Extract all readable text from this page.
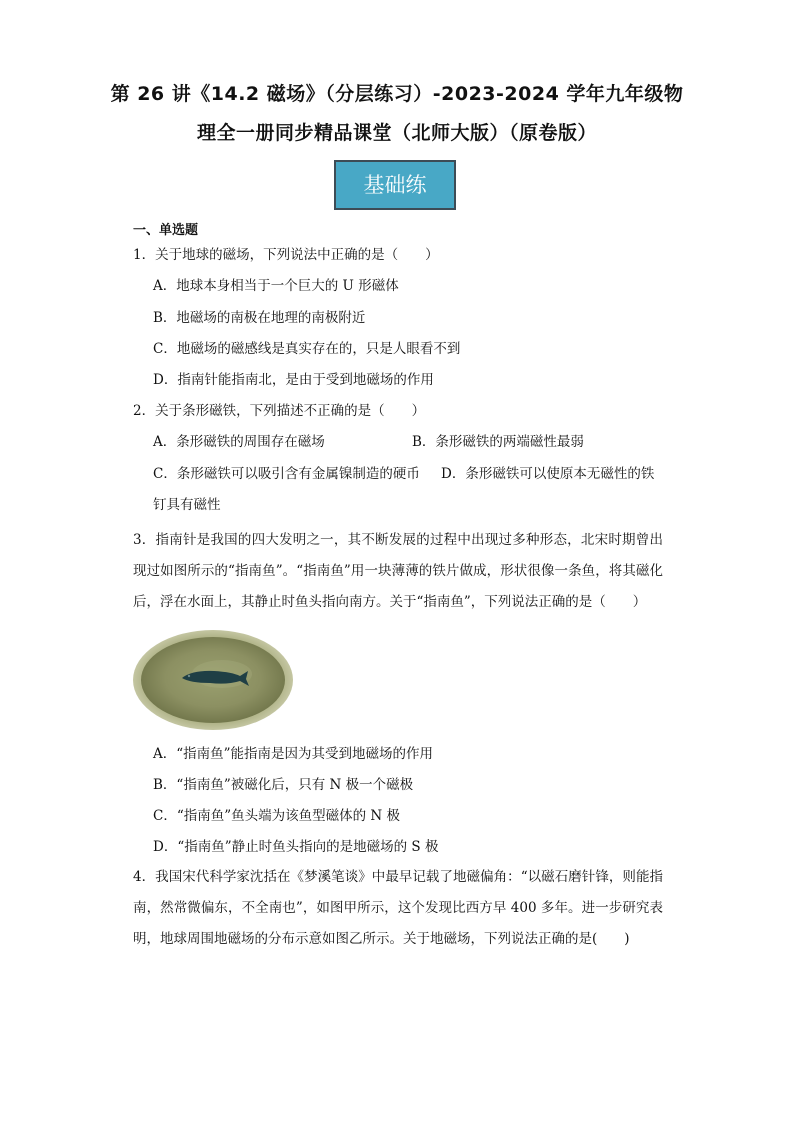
第 26 讲《14.2 磁场》（分层练习）-2023-2024 学年九年级物
理全一册同步精品课堂（北师大版）（原卷版）
基础练
一、单选题
1．关于地球的磁场，下列说法中正确的是（　　）
A．地球本身相当于一个巨大的 U 形磁体
B．地磁场的南极在地理的南极附近
C．地磁场的磁感线是真实存在的，只是人眼看不到
D．指南针能指南北，是由于受到地磁场的作用
2．关于条形磁铁，下列描述不正确的是（　　）
A．条形磁铁的周围存在磁场	B．条形磁铁的两端磁性最弱
C．条形磁铁可以吸引含有金属镍制造的硬币 D．条形磁铁可以使原本无磁性的铁
钉具有磁性
3．指南针是我国的四大发明之一，其不断发展的过程中出现过多种形态，北宋时期曾出现过如图所示的“指南鱼”。“指南鱼”用一块薄薄的铁片做成，形状很像一条鱼，将其磁化后，浮在水面上，其静止时鱼头指向南方。关于“指南鱼”，下列说法正确的是（　　）
A．“指南鱼”能指南是因为其受到地磁场的作用
B．“指南鱼”被磁化后，只有 N 极一个磁极
C．“指南鱼”鱼头端为该鱼型磁体的 N 极
D．“指南鱼”静止时鱼头指向的是地磁场的 S 极
4．我国宋代科学家沈括在《梦溪笔谈》中最早记载了地磁偏角：“以磁石磨针锋，则能指南，然常微偏东，不全南也”，如图甲所示，这个发现比西方早 400 多年。进一步研究表明，地球周围地磁场的分布示意如图乙所示。关于地磁场，下列说法正确的是(　　)
